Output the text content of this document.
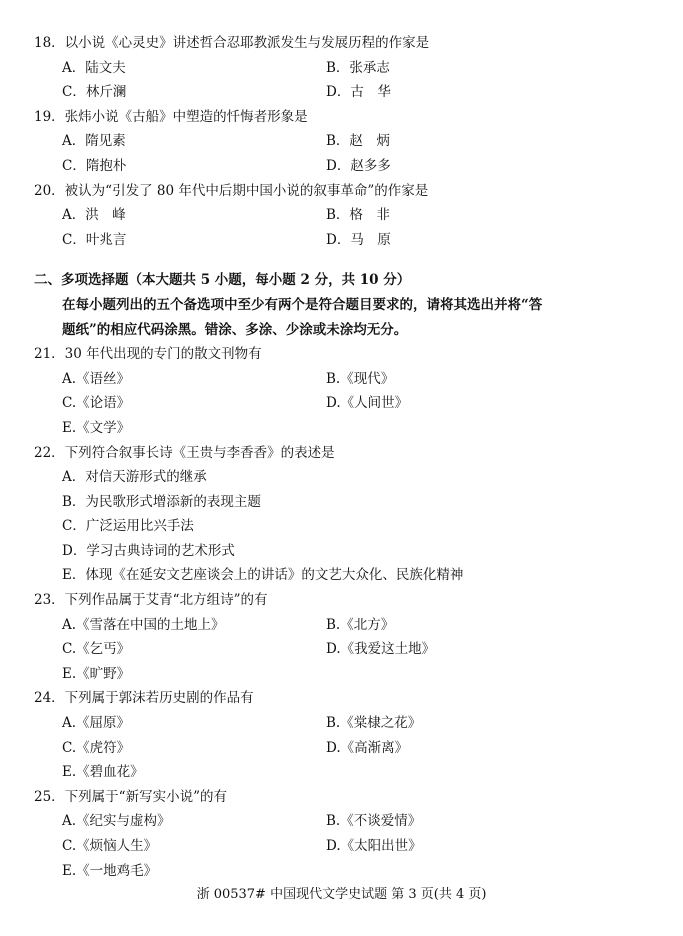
18．以小说《心灵史》讲述哲合忍耶教派发生与发展历程的作家是
A．陆文夫	B．张承志
C．林斤澜	D．古　华
19．张炜小说《古船》中塑造的忏悔者形象是
A．隋见素	B．赵　炳
C．隋抱朴	D．赵多多
20．被认为“引发了 80 年代中后期中国小说的叙事革命”的作家是
A．洪　峰	B．格　非
C．叶兆言	D．马　原
二、多项选择题（本大题共 5 小题，每小题 2 分，共 10 分）
在每小题列出的五个备选项中至少有两个是符合题目要求的，请将其选出并将“答
题纸”的相应代码涂黑。错涂、多涂、少涂或未涂均无分。
21．30 年代出现的专门的散文刊物有
A.《语丝》	B.《现代》
C.《论语》	D.《人间世》
E.《文学》
22．下列符合叙事长诗《王贵与李香香》的表述是
A．对信天游形式的继承
B．为民歌形式增添新的表现主题
C．广泛运用比兴手法
D．学习古典诗词的艺术形式
E．体现《在延安文艺座谈会上的讲话》的文艺大众化、民族化精神
23．下列作品属于艾青“北方组诗”的有
A.《雪落在中国的土地上》	B.《北方》
C.《乞丐》	D.《我爱这土地》
E.《旷野》
24．下列属于郭沫若历史剧的作品有
A.《屈原》	B.《棠棣之花》
C.《虎符》	D.《高渐离》
E.《碧血花》
25．下列属于“新写实小说”的有
A.《纪实与虚构》	B.《不谈爱情》
C.《烦恼人生》	D.《太阳出世》
E.《一地鸡毛》
浙 00537# 中国现代文学史试题 第 3 页(共 4 页)
